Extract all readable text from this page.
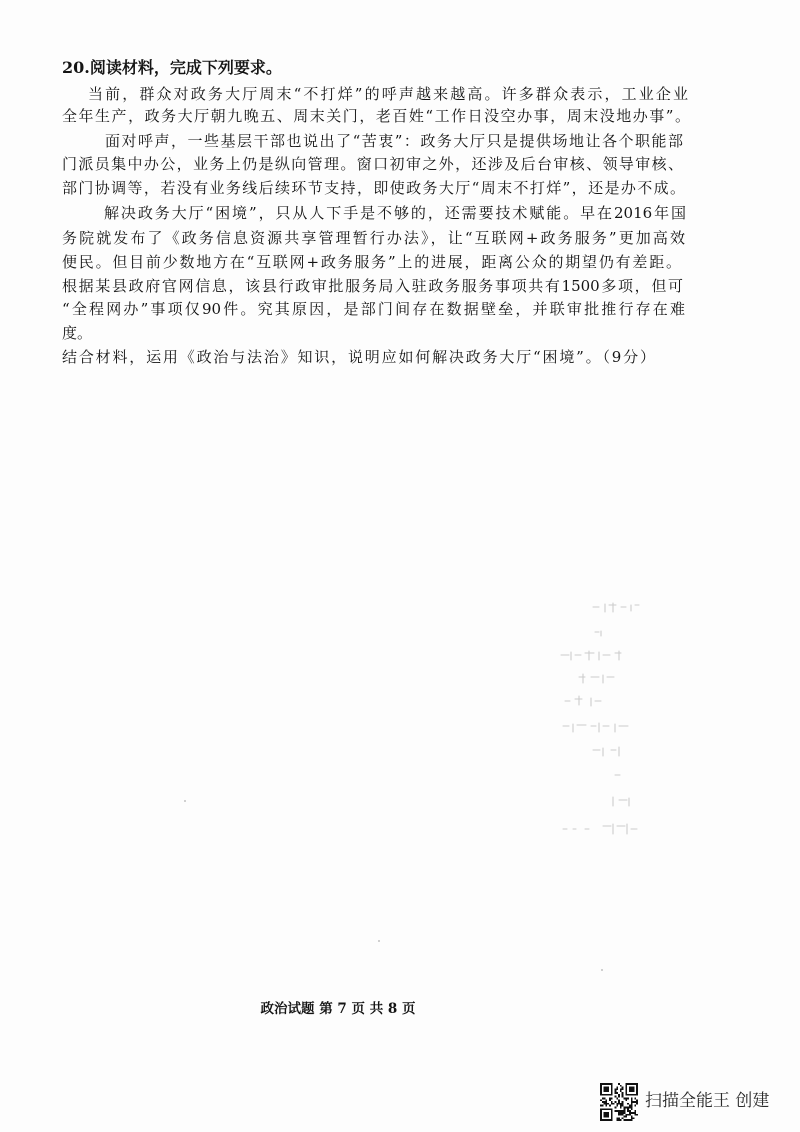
20.阅读材料，完成下列要求。
当前，群众对政务大厅周末“不打烊”的呼声越来越高。许多群众表示，工业企业
全年生产，政务大厅朝九晚五、周末关门，老百姓“工作日没空办事，周末没地办事”。
面对呼声，一些基层干部也说出了“苦衷”：政务大厅只是提供场地让各个职能部
门派员集中办公，业务上仍是纵向管理。窗口初审之外，还涉及后台审核、领导审核、
部门协调等，若没有业务线后续环节支持，即使政务大厅“周末不打烊”，还是办不成。
解决政务大厅“困境”，只从人下手是不够的，还需要技术赋能。早在2016年国
务院就发布了《政务信息资源共享管理暂行办法》，让“互联网+政务服务”更加高效
便民。但目前少数地方在“互联网+政务服务”上的进展，距离公众的期望仍有差距。
根据某县政府官网信息，该县行政审批服务局入驻政务服务事项共有1500多项，但可
“全程网办”事项仅90件。究其原因，是部门间存在数据壁垒，并联审批推行存在难
度。
结合材料，运用《政治与法治》知识，说明应如何解决政务大厅“困境”。（9分）
政治试题 第 7 页 共 8 页
扫描全能王 创建
